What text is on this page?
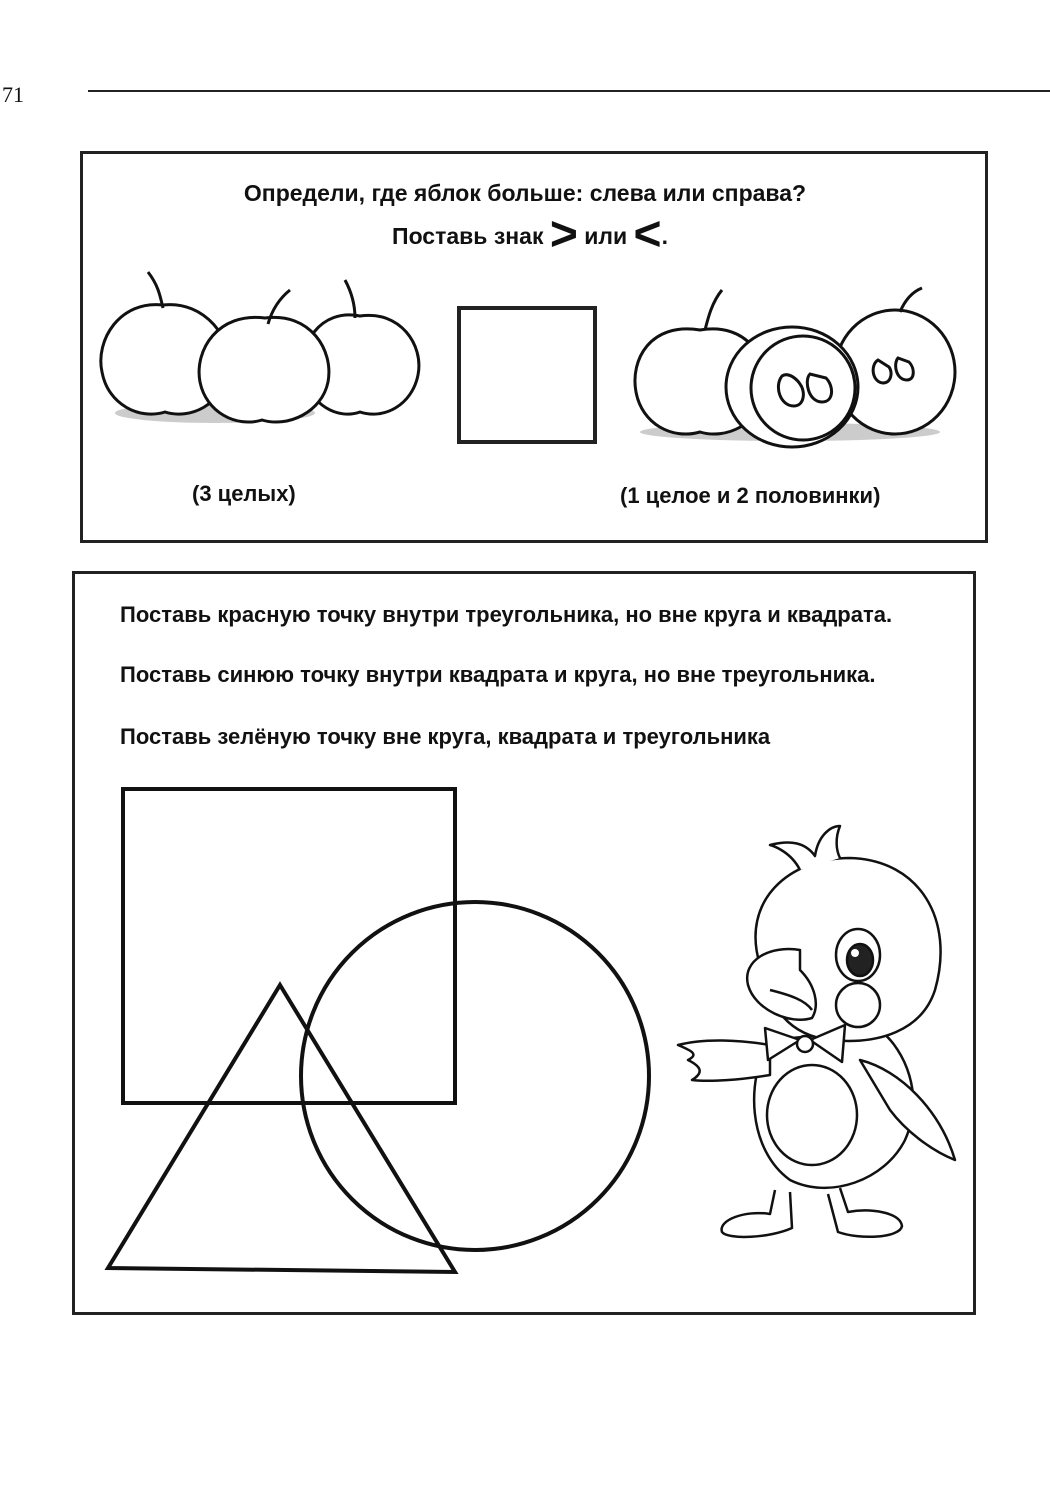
71
Определи, где яблок больше: слева или справа?
Поставь знак > или <.
(3 целых)	(1 целое и 2 половинки)
Поставь красную точку внутри треугольника, но вне круга и квадрата.
Поставь синюю точку внутри квадрата и круга, но вне треугольника.
Поставь зелёную точку вне круга, квадрата и треугольника
